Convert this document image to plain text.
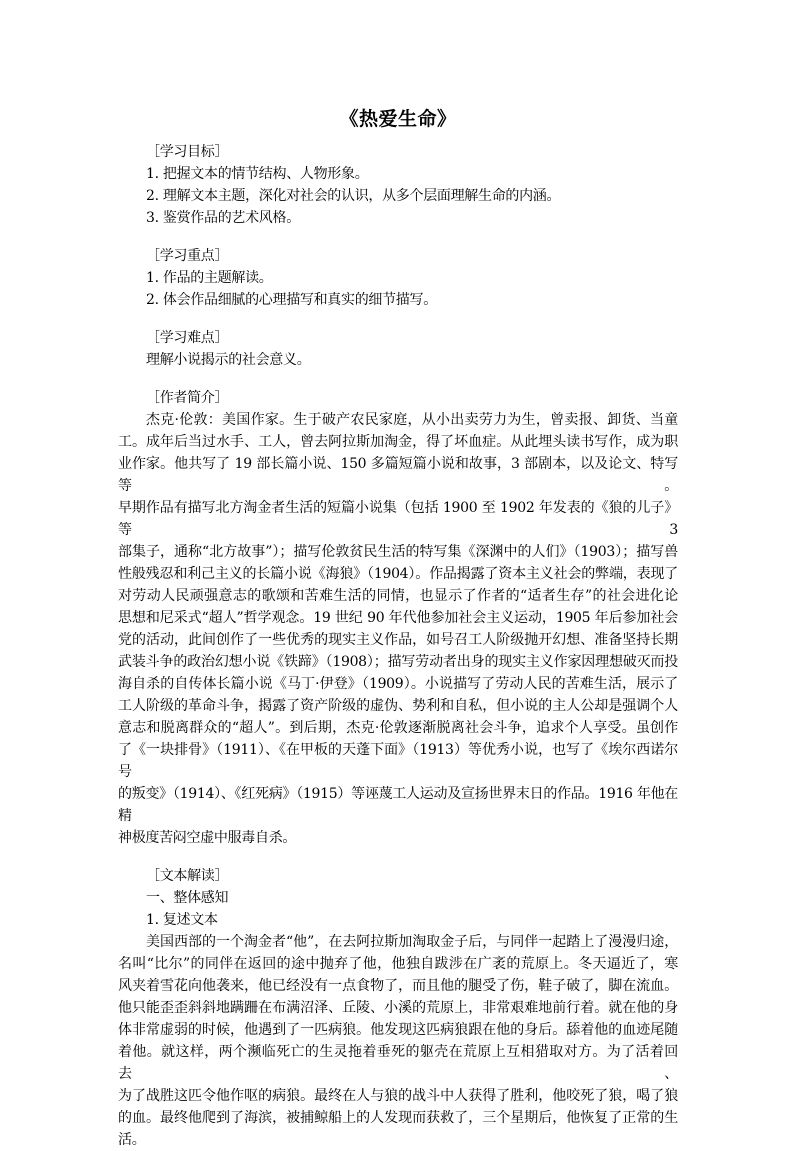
《热爱生命》

［学习目标］

1. 把握文本的情节结构、人物形象。

2. 理解文本主题，深化对社会的认识，从多个层面理解生命的内涵。

3. 鉴赏作品的艺术风格。

［学习重点］

1. 作品的主题解读。

2. 体会作品细腻的心理描写和真实的细节描写。

［学习难点］

理解小说揭示的社会意义。

［作者简介］

杰克·伦敦：美国作家。生于破产农民家庭，从小出卖劳力为生，曾卖报、卸货、当童

工。成年后当过水手、工人，曾去阿拉斯加淘金，得了坏血症。从此埋头读书写作，成为职

业作家。他共写了 19 部长篇小说、150 多篇短篇小说和故事，3 部剧本，以及论文、特写等。

早期作品有描写北方淘金者生活的短篇小说集（包括 1900 至 1902 年发表的《狼的儿子》等 3

部集子，通称“北方故事”）；描写伦敦贫民生活的特写集《深渊中的人们》（1903）；描写兽

性般残忍和利己主义的长篇小说《海狼》（1904）。作品揭露了资本主义社会的弊端，表现了

对劳动人民顽强意志的歌颂和苦难生活的同情，也显示了作者的“适者生存”的社会进化论

思想和尼采式“超人”哲学观念。19 世纪 90 年代他参加社会主义运动，1905 年后参加社会

党的活动，此间创作了一些优秀的现实主义作品，如号召工人阶级抛开幻想、准备坚持长期

武装斗争的政治幻想小说《铁蹄》（1908）；描写劳动者出身的现实主义作家因理想破灭而投

海自杀的自传体长篇小说《马丁·伊登》（1909）。小说描写了劳动人民的苦难生活，展示了

工人阶级的革命斗争，揭露了资产阶级的虚伪、势利和自私，但小说的主人公却是强调个人

意志和脱离群众的“超人”。到后期，杰克·伦敦逐渐脱离社会斗争，追求个人享受。虽创作

了《一块排骨》（1911）、《在甲板的天蓬下面》（1913）等优秀小说，也写了《埃尔西诺尔号

的叛变》（1914）、《红死病》（1915）等诬蔑工人运动及宣扬世界末日的作品。1916 年他在精

神极度苦闷空虚中服毒自杀。

［文本解读］

一、整体感知

1. 复述文本

美国西部的一个淘金者“他”，在去阿拉斯加淘取金子后，与同伴一起踏上了漫漫归途，

名叫“比尔”的同伴在返回的途中抛弃了他，他独自跋涉在广袤的荒原上。冬天逼近了，寒

风夹着雪花向他袭来，他已经没有一点食物了，而且他的腿受了伤，鞋子破了，脚在流血。

他只能歪歪斜斜地蹒跚在布满沼泽、丘陵、小溪的荒原上，非常艰难地前行着。就在他的身

体非常虚弱的时候，他遇到了一匹病狼。他发现这匹病狼跟在他的身后。舔着他的血迹尾随

着他。就这样，两个濒临死亡的生灵拖着垂死的躯壳在荒原上互相猎取对方。为了活着回去、

为了战胜这匹令他作呕的病狼。最终在人与狼的战斗中人获得了胜利，他咬死了狼，喝了狼

的血。最终他爬到了海滨，被捕鲸船上的人发现而获救了，三个星期后，他恢复了正常的生

活。
